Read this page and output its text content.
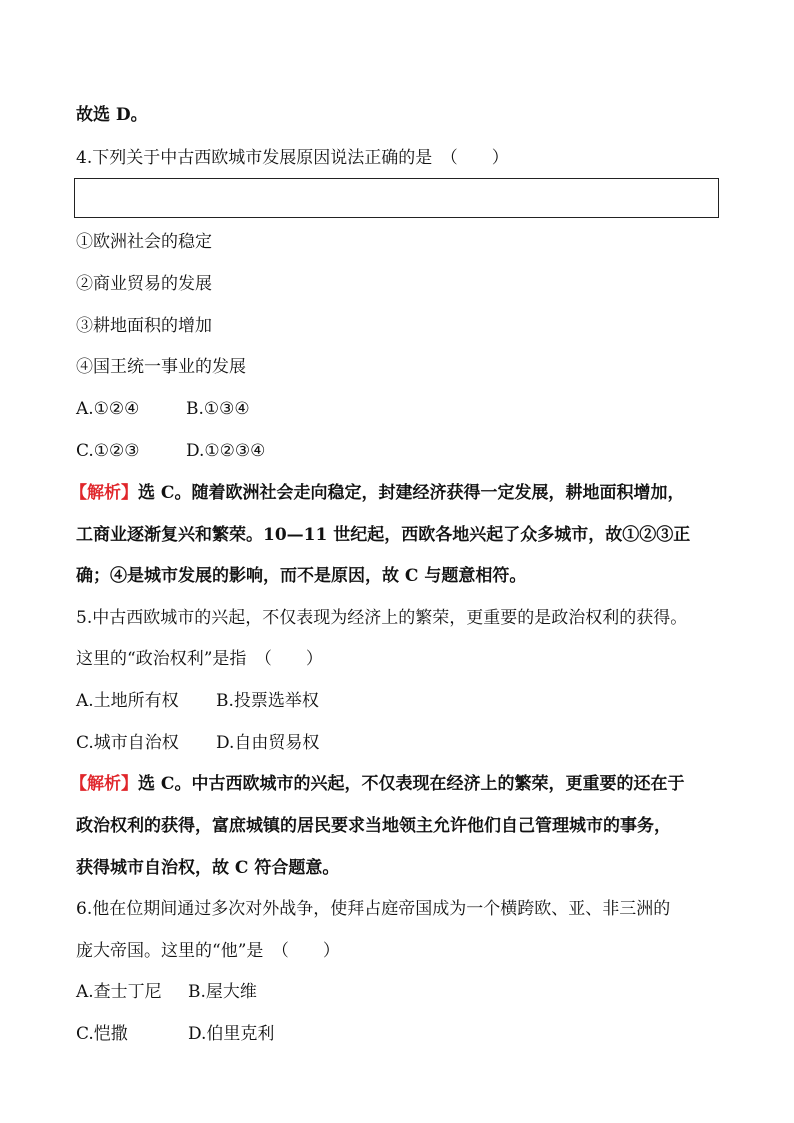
故选 D。
4.下列关于中古西欧城市发展原因说法正确的是　（　　）
①欧洲社会的稳定
②商业贸易的发展
③耕地面积的增加
④国王统一事业的发展
A.①②④	B.①③④
C.①②③	D.①②③④
【解析】选 C。随着欧洲社会走向稳定，封建经济获得一定发展，耕地面积增加，
工商业逐渐复兴和繁荣。10—11 世纪起，西欧各地兴起了众多城市，故①②③正
确；④是城市发展的影响，而不是原因，故 C 与题意相符。
5.中古西欧城市的兴起，不仅表现为经济上的繁荣，更重要的是政治权利的获得。
这里的“政治权利”是指　（　　）
A.土地所有权 B.投票选举权
C.城市自治权 D.自由贸易权
【解析】选 C。中古西欧城市的兴起，不仅表现在经济上的繁荣，更重要的还在于
政治权利的获得，富庶城镇的居民要求当地领主允许他们自己管理城市的事务，
获得城市自治权，故 C 符合题意。
6.他在位期间通过多次对外战争，使拜占庭帝国成为一个横跨欧、亚、非三洲的
庞大帝国。这里的“他”是　（　　）
A.查士丁尼 B.屋大维
C.恺撒	D.伯里克利
